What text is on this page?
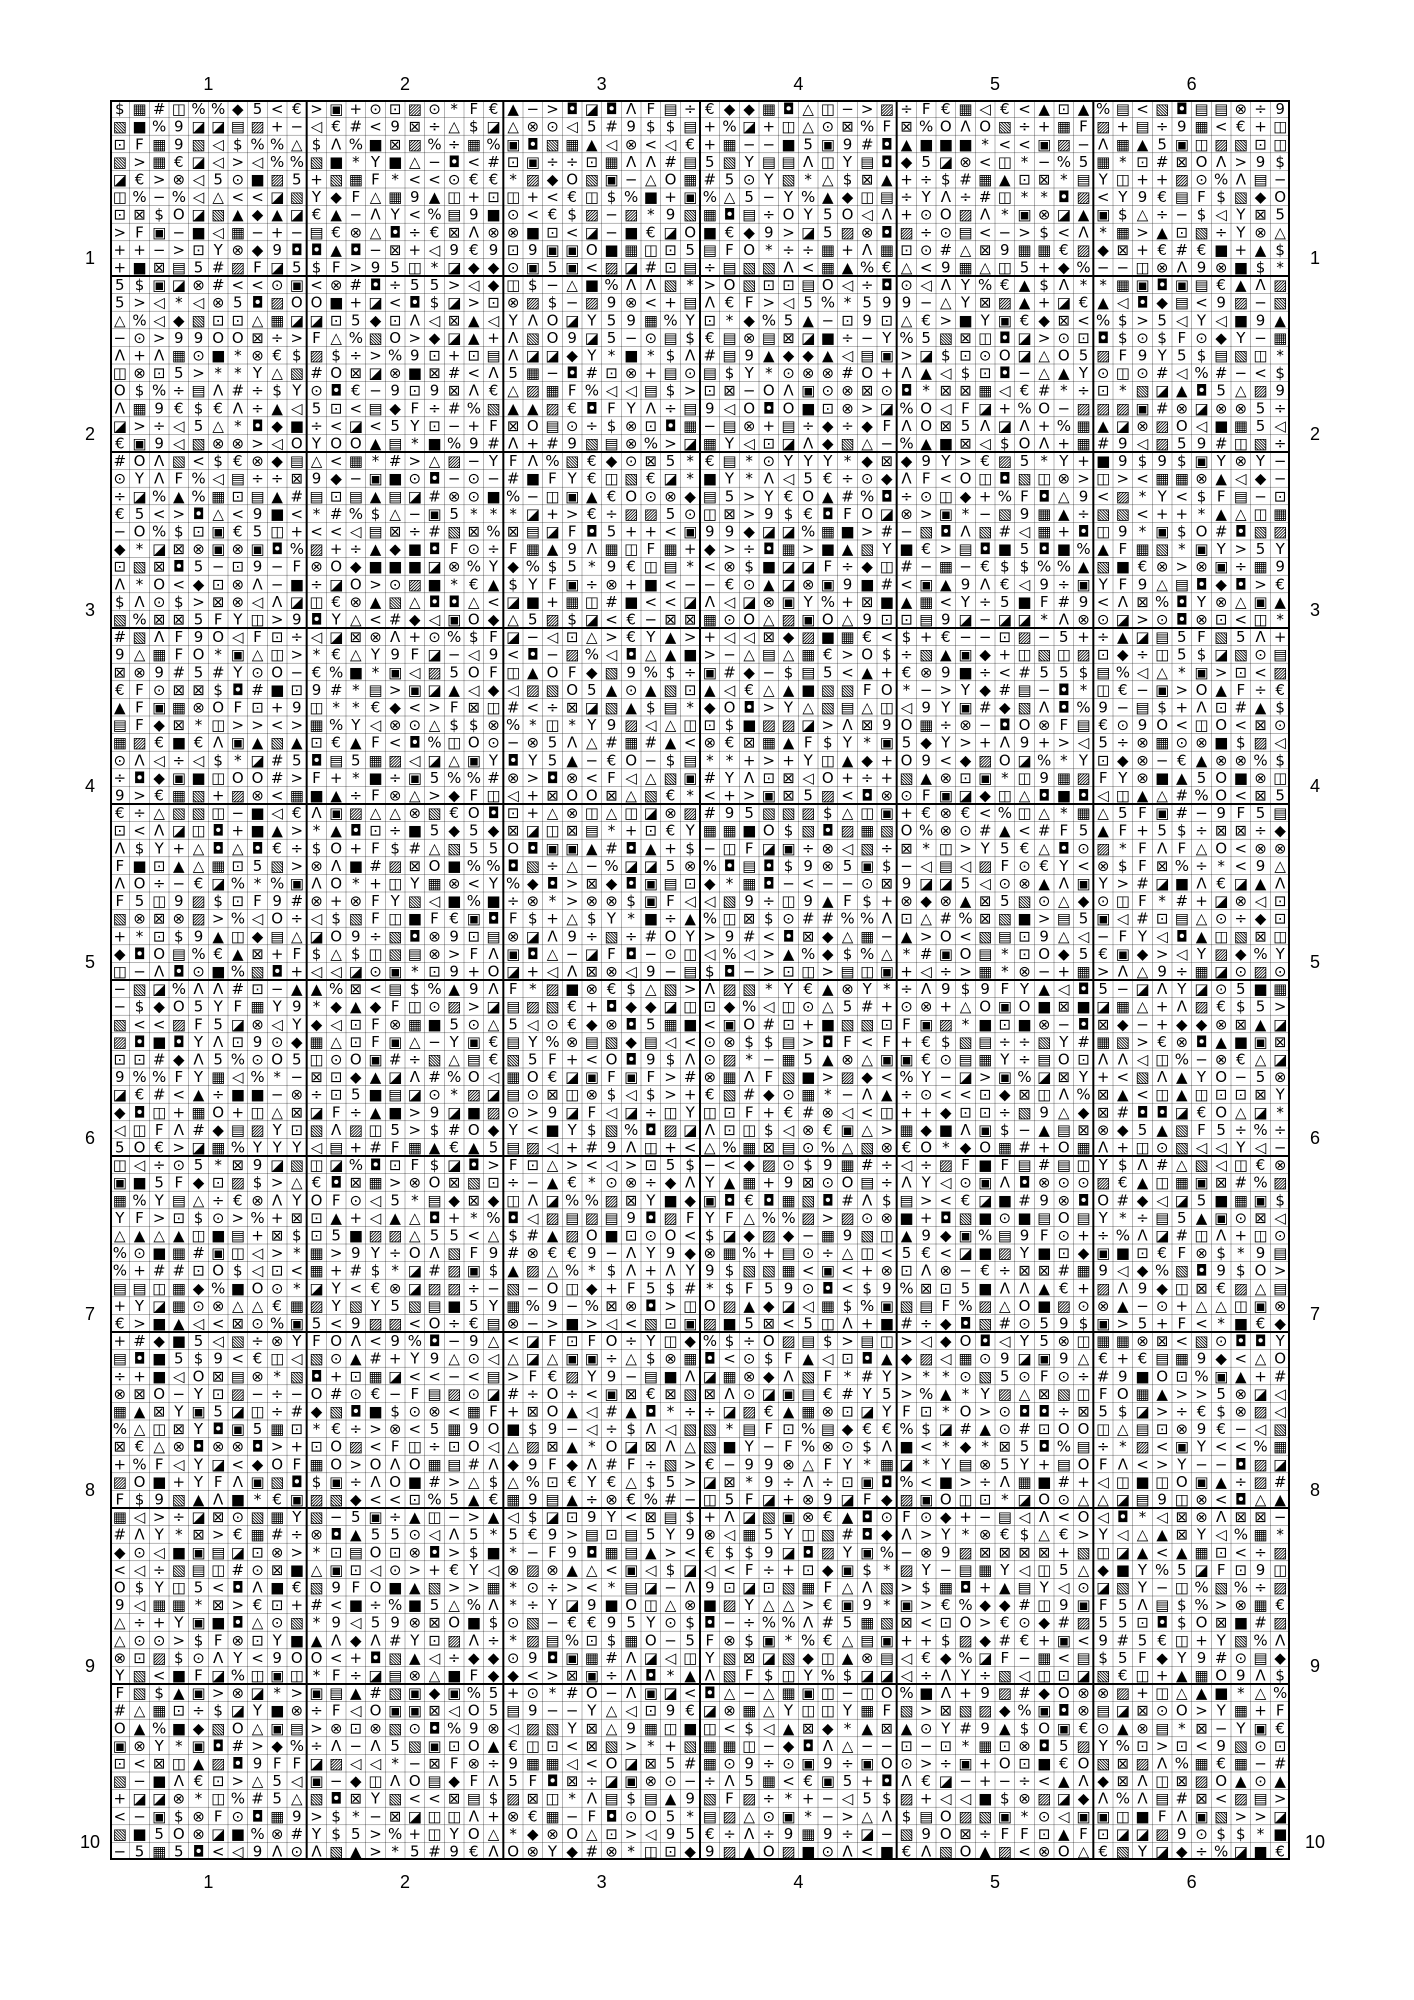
$ ▦ # ◫ % % ◆ 5 < € > ▣ + ⊙ ⊡ ▨ ⊙ * F € ▲ − > ◘ ◪ ◘ Λ F ▤ ÷ € ◆ ◆ ▦ ◘ △ ◫ − > ▨ ÷ F € ▦ ◁ € < ▲ ⊡ ▲ % ▤ < ▧ ◘ ▤ ▤ ⊗ ÷ 9
▧ ■ % 9 ◪ ◪ ▤ ▨ + − ◁ € # < 9 ⊠ ÷ △ $ ◪ △ ⊗ ⊙ ◁ 5 # 9 $ $ ▤ + % ◪ + ◫ △ ⊙ ⊠ % F ⊠ % O Λ O ▧ ÷ + ▦ F ▨ + ▤ ÷ 9 ▦ < € + ◫
⊡ F ▦ 9 ▧ ◁ $ % % △ $ Λ % ■ ⊠ ▨ % ÷ ▦ % ▣ ◘ ▧ ▦ ▲ ◁ ⊗ < ◁ € + ▦ − − ■ 5 ▣ 9 # ◘ ▲ ■ ■ ■ * < < ▣ ▨ − Λ ▦ ▲ 5 ▣ ◫ ▨ ▧ ⊡ ◫
▧ > ▦ € ◪ ◁ > ◁ % % ▧ ■ * Y ■ △ − ◘ < # ⊡ ▣ ÷ ÷ ⊡ ▦ Λ Λ # ▤ 5 ▧ Y ▤ ▤ Λ ◫ Y ▤ ◘ ◆ 5 ◪ ⊗ < ◫ * − % 5 ▦ * ⊡ # ⊠ O Λ > 9 $
◪ € > ⊗ ◁ 5 ⊙ ■ ▨ 5 + ▧ ▦ F * < < ⊙ € € * ▨ ◆ O ▧ ▣ − △ O ▦ # 5 ⊙ Y ▧ * △ $ ⊠ ▲ + ÷ $ # ▦ ▲ ⊡ ⊠ * ▤ Y ◫ + + ▨ ⊙ % Λ ▤ −
◫ % − % ◁ △ < < ◪ ▧ Y ◆ F △ ▦ 9 ▲ ◫ + ⊡ ◫ + < € ◫ $ % ■ + ▣ % △ 5 − Y % ▲ ◆ ◫ ▤ ÷ Y Λ ÷ # ◫ * * ◘ ▨ < Y 9 € ▤ F $ ▧ ◆ O
⊡ ⊠ $ O ◪ ▧ ▲ ◆ ▲ ◪ € ▲ − Λ Y < % ▤ 9 ■ ⊙ < € $ ▨ − ▨ * 9 ▧ ▦ ◘ ▤ ÷ O Y 5 O ◁ Λ + ⊙ O ▨ Λ * ▣ ⊗ ◪ ▲ ▣ $ △ ÷ − $ ◁ Y ⊠ 5
> F ▣ − ■ ◁ ▦ − + − ▤ € ⊗ △ ◘ ÷ € ⊠ Λ ⊗ ⊗ ■ ⊡ < ◪ − ■ € ◪ O ■ € ◆ 9 > ◪ 5 ▨ ⊗ ◘ ▨ ÷ ⊙ ▤ < − > $ < Λ * ▦ > ▲ ⊡ ▧ ÷ Y ⊗ △
+ + − > ⊡ Y ⊗ ◆ 9 ◘ ◘ ▲ ◘ − ⊠ + ◁ 9 € 9 ⊡ 9 ▣ ▣ O ■ ▦ ◫ ⊡ 5 ▤ F O * ÷ ÷ ▦ + Λ ▦ ⊡ ⊙ # △ ⊠ 9 ▦ ▦ € ▨ ◆ ⊠ + € # € ■ + ▲ $
+ ■ ⊠ ▤ 5 # ▨ F ◪ 5 $ F > 9 5 ◫ * ◪ ◆ ◆ ⊙ ▣ 5 ▣ < ▨ ◪ # ⊡ ▤ ÷ ▤ ▧ ▧ Λ < ▦ ▲ % € △ < 9 ▦ △ ◫ 5 + ◆ % − − ◫ ⊗ Λ 9 ⊗ ■ $ *
5 $ ▣ ◪ ⊗ # < < ⊙ ▣ < ⊗ # ◘ ÷ 5 5 > ◁ ◆ ◫ $ − △ ■ % Λ Λ ▧ * > O ▧ ⊡ ⊡ ▤ O ◁ ÷ ◘ ⊙ ◁ Λ Y % € ▲ $ Λ * * ▦ ▣ ◘ ▣ ▤ € ▲ Λ ▨
5 > ◁ * ◁ ⊗ 5 ◘ ▨ O O ■ + ◪ < ◘ $ ◪ > ⊡ ⊗ ▨ $ − ▨ 9 ⊗ < + ▤ Λ € F > ◁ 5 % * 5 9 9 − △ Y ⊠ ▨ ▲ + ◪ € ▲ ◁ ◘ ◆ ▤ < 9 ▨ − ▧
△ % ◁ ◆ ▧ ⊡ ⊡ △ ▦ ◪ ◪ ⊡ 5 ◆ ⊡ Λ ◁ ⊠ ▲ ◁ Y Λ O ◪ Y 5 9 ▦ % Y ⊡ * ◆ % 5 ▲ − ⊡ 9 ⊡ △ € > ■ Y ▣ € ◆ ⊠ < % $ > 5 ◁ Y ◁ ■ 9 ▲
− ⊙ > 9 9 O O ⊠ ÷ > F △ % ▧ O > ◆ ◪ ▲ + Λ ▧ O 9 ◪ 5 − ⊙ ▤ $ € ▤ ⊗ ▤ ⊠ ◪ ■ ÷ − Y % 5 ▧ ⊠ ◫ ◘ ◪ > ⊙ ⊡ ◘ $ ⊙ $ F ⊙ ◆ Y − ▦
Λ + Λ ▦ ⊙ ■ * ⊗ € $ ▨ $ ÷ > % 9 ⊡ + ⊡ ▤ Λ ◪ ◪ ◆ Y * ■ * $ Λ # ▤ 9 ▲ ◆ ◆ ▲ ◁ ▤ ▣ > ◪ $ ⊡ ⊙ O ◪ △ O 5 ▨ F 9 Y 5 $ ▤ ▧ ◫ *
◫ ⊗ ⊡ 5 > * * Y △ ▧ # O ⊠ ◪ ⊗ ■ ⊠ # < Λ 5 ▦ − ◘ # ⊡ ⊗ + ▤ ⊙ ▤ $ Y * ⊙ ⊗ ⊗ # O + Λ ▲ ◁ $ ⊡ ◘ − △ ▲ Y ⊙ ◫ ⊙ # ◁ % # − < $
O $ % ÷ ▤ Λ # ÷ $ Y ⊙ ◘ € − 9 ⊡ 9 ⊠ Λ € △ ▨ ▦ F % ◁ ◁ ▤ $ > ⊡ ⊠ − O Λ ▣ ⊙ ⊗ ⊠ ⊙ ◘ * ⊠ ⊠ ▦ ◁ € # * ÷ ⊡ * ▧ ◪ ▲ ◘ 5 △ ▨ 9
Λ ▦ 9 € $ € Λ ÷ ▲ ◁ 5 ⊡ < ▤ ◆ F ÷ # % ▧ ▲ ▲ ▨ € ◘ F Y Λ ÷ ▤ 9 ◁ O ◘ O ■ ⊡ ⊗ > ◪ % O ◁ F ◪ + % O − ▨ ▨ ▨ ▣ # ⊗ ◪ ⊗ ⊗ 5 ÷
◪ > ÷ ◁ 5 △ * ◘ ◆ ■ ÷ < ◪ < 5 Y ⊡ − + F ⊠ O ▤ ⊙ ÷ $ ⊗ ⊡ ◘ ▦ − ▤ ⊗ + ▤ ÷ ◆ ÷ ◆ F Λ O ⊠ 5 Λ ◪ Λ + % ▦ ▲ ◪ ⊗ ▨ O ◁ ■ ▦ 5 ◁
€ ▣ 9 ◁ ▧ ⊗ ⊗ > ◁ O Y O O ▲ ▤ * ■ % 9 # Λ + # 9 ▧ ▤ ⊗ % > ◪ ▦ Y ◁ ⊡ ◪ Λ ◆ ▧ △ − % ▲ ■ ⊠ ◁ $ O Λ + ▦ # 9 ◁ ▨ 5 9 # ◫ ▧ ÷
# O Λ ▧ < $ € ⊗ ◆ ▤ △ < ▦ * # > △ ▨ − Y F Λ % ▧ € ◆ ⊙ ⊠ 5 * € ▤ * ⊙ Y Y Y * ◆ ⊠ ◆ 9 Y > € ▨ 5 * Y + ■ 9 $ 9 $ ▣ Y ⊗ Y −
⊙ Y Λ F % ◁ ▤ ÷ ÷ ⊠ 9 ◆ − ▣ ■ ⊙ ◘ − ⊙ − # ■ F Y € ◫ ▧ € ◪ * ■ Y * Λ ◁ 5 € ÷ ⊙ ◆ Λ F < O ◫ ◘ ▧ ◫ ⊗ > ◫ > < ▦ ▦ ⊗ ▲ ◁ ◆ −
÷ ◪ % ▲ % ▦ ⊡ ▤ ▲ # ▤ ⊡ ▤ ▲ ▤ ◪ # ⊗ ⊙ ■ % − ◫ ▣ ▲ € O ⊙ ⊗ ◆ ▤ 5 > Y € O ▲ # % ◘ ÷ ⊙ ◫ ◆ + % F ◘ △ 9 < ▨ * Y < $ F ▤ − ⊡
€ 5 < > ◘ △ < 9 ■ < * # % $ △ − ▣ 5 * * * ◪ + > € ÷ ▨ ▨ 5 ⊙ ◫ ⊠ > 9 $ € ◘ F O ◪ ⊗ > ▣ * − ▧ 9 ▦ ▲ ÷ ▧ ▧ < + + * ▲ △ ◫ ▦
− O % $ ⊡ ▣ € 5 ◫ + < < ◁ ▤ ⊠ ÷ # ▧ ⊠ % ⊠ ▤ ◪ F ◘ 5 + + < ▣ 9 9 ◆ ◪ ◪ % ▦ ■ > # − ▧ ◘ Λ ▧ # ◁ ▦ + ◘ ◫ 9 * ▣ $ O # ◘ ▧ ▨
◆ * ◪ ⊠ ⊗ ▣ ⊗ ▣ ◘ % ▨ + ÷ ▲ ◆ ■ ◘ F ⊙ ÷ F ▦ ▲ 9 Λ ▦ ◫ F ▦ + ◆ > ÷ ◘ ▦ > ■ ▲ ▧ Y ■ € > ▤ ◘ ■ 5 ◘ ■ % ▲ F ▦ ▧ * ▣ Y > 5 Y
⊡ ▧ ⊠ ◘ 5 − ⊡ 9 − F ⊗ O ◆ ■ ■ ■ ◪ ⊗ % Y ◆ % $ 5 * 9 € ◫ ▤ * < ⊗ $ ■ ◪ ◪ F ÷ ◆ ◫ # − ▦ − € $ $ % % ▲ ▧ ■ € ⊗ > ⊗ ▣ ÷ ▦ 9
Λ * O < ◆ ⊡ ⊗ Λ − ■ ÷ ◪ O > ⊙ ▨ ■ * € ▲ $ Y F ▣ ÷ ⊗ + ■ < − − € ⊙ ▲ ◪ ⊗ ▣ 9 ■ # < ▣ ▲ 9 Λ € ◁ 9 ÷ ▣ Y F 9 △ ▤ ◘ ◆ ◘ > €
$ Λ ⊙ $ > ⊠ ⊗ ◁ Λ ◪ ◫ € ⊗ ▲ ▧ △ ◘ ◘ △ < ◪ ■ + ▦ ◫ # ■ < < ◪ Λ ◁ ◪ ⊗ ▣ Y % + ⊠ ■ ▲ ▦ < Y ÷ 5 ■ F # 9 < Λ ⊠ % ◘ Y ⊗ △ ▣ ▲
▧ % ⊠ ⊠ 5 F Y ◫ > 9 ◘ Y △ < # ◆ ◁ ▣ O ◆ △ 5 ▨ $ ◪ < € − ⊠ ⊠ ▦ ⊙ O △ ▨ ▣ O △ 9 ⊡ ⊡ ▤ 9 ◪ − ◪ ◪ * Λ ⊗ ⊙ ◪ > ⊙ ◘ ⊗ ⊡ < ◫ *
# ▧ Λ F 9 O ◁ F ⊡ ÷ ◁ ◪ ⊠ ⊗ Λ + ⊙ % $ F ◪ − ◁ ⊡ △ > € Y ▲ > + ◁ ◁ ⊠ ◆ ▨ ■ ▦ € < $ + € − − ⊡ ▨ − 5 + ÷ ▲ ◪ ▤ 5 F ▧ 5 Λ +
9 △ ▦ F O * ▣ △ ◫ > * € △ Y 9 F ◪ − ◁ 9 < ◘ − ▨ % ◁ ◘ △ ▲ ■ > − △ ▤ △ ▦ € > O $ ÷ ▧ ▲ ▣ ◆ + ◫ ▧ ◫ ▨ ⊡ ◆ ÷ ◫ 5 $ ◪ ▧ ⊙ ▤
⊠ ⊗ 9 # 5 # Y ⊙ O − € % ■ * ▣ ◁ ▨ 5 O F ◫ ▲ O F ◆ ▧ 9 % $ ÷ ▣ # ◆ − $ ▤ 5 < ▲ + € ⊗ 9 ■ ÷ < # 5 5 $ ▤ % ◁ △ * ▣ > ⊡ < ▨
€ F ⊙ ⊠ ⊠ $ ◘ # ■ ⊡ 9 # * ▤ > ▣ ◪ ▲ ◁ ◆ ◁ ▨ ▧ O 5 ▲ ⊙ ▲ ▧ ⊡ ▲ ◁ € △ ▲ ■ ▧ ▧ F O * − > Y ◆ # ▤ − ◘ * ◫ € − ▣ > O ▲ F ÷ €
▲ F ▣ ▦ ⊗ O F ⊡ + 9 ◫ * * € ◆ < > F ⊠ ◫ # < ÷ ⊠ ◪ ▧ ▲ $ ▤ * ◆ O ◘ > Y △ ▧ ▤ △ ◫ ◁ 9 Y ▣ # ◆ ▧ Λ ◘ % 9 − ▤ $ + Λ ⊡ # ▲ $
▤ F ◆ ⊠ * ◫ > > < > ▦ % Y ◁ ⊗ ⊙ △ $ $ ⊗ % * ◫ * Y 9 ▨ ◁ △ ◫ ⊡ $ ■ ▨ ▨ ◪ > Λ ⊠ 9 O ▦ ÷ ⊗ − ◘ O ⊗ F ▤ € ⊙ 9 O < ◫ O < ⊠ ⊙
▦ ▨ € ■ € Λ ▣ ▲ ▧ ▲ ⊡ € ▲ F < ◘ % ◫ O ⊙ − ⊗ 5 Λ △ # ▦ # ▲ < ⊗ € ⊠ ▦ ▲ F $ Y * ▣ 5 ◆ Y > + Λ 9 + > ◁ 5 ÷ ⊗ ▦ ⊙ ⊗ ■ $ ▨ ◁
⊙ Λ ◁ ÷ ◁ $ * ◪ # 5 ◘ ▤ 5 ▦ ▨ ◁ ◪ △ ▣ Y ◘ Y 5 ▲ − € O − $ ▤ * * + > + Y ◫ ▲ ◆ + O 9 < ◆ ▨ O ◪ % * Y ⊡ ◆ ⊗ − € ▲ ⊗ ⊗ % $
÷ ◘ ◆ ▣ ■ ◫ O O # > F + * ■ ÷ ▣ 5 % % # ⊗ > ◘ ⊗ < F ◁ △ ▧ ▣ # Y Λ ⊡ ⊠ ◁ O + ÷ + ▧ ▲ ⊗ ⊡ ▣ * ◫ 9 ▦ ▨ F Y ⊗ ■ ▲ 5 O ■ ⊗ ◫
9 > € ▦ ▧ + ▨ ⊗ < ▦ ■ ▲ ÷ F ⊗ △ > ◆ F ◫ ◁ + ⊠ O O ⊠ △ ▧ € * < + > ▣ ⊠ 5 ▨ < ◘ ⊗ ⊙ F ▣ ◪ ◆ ◫ △ ◘ ■ ◘ ◁ ◫ ▲ △ # % O < ⊠ 5
€ ÷ △ ▧ ▧ ◫ − ■ ◁ € Λ ▣ ▨ △ △ ⊗ ▧ € O ◘ ⊡ + △ ⊗ ◫ △ ◫ ◪ ⊗ ▨ # 9 5 ▧ ▧ ▨ $ △ ◫ ▣ + € ⊗ € < % ◫ △ * ▦ △ 5 F ▣ # − 9 F 5 ▤
⊡ < Λ ◪ ◫ ◘ + ■ ▲ > * ▲ ◘ ⊡ ÷ ■ 5 ◆ 5 ◆ ⊠ ◪ ◫ ⊠ ▤ * + ⊡ € Y ▦ ▦ ■ O $ ▧ ◘ ▨ ▦ ▧ O % ⊗ ⊙ # ▲ < # F 5 ▲ F + 5 $ ÷ ⊠ ⊠ ÷ ◆
Λ $ Y + △ ◘ △ ◘ € ÷ $ O + F $ # △ ▧ 5 5 O ◘ ▣ ▣ ▲ # ◘ ▲ + $ − ◫ F ◪ ▣ ÷ ⊗ ◁ ▧ ÷ ⊠ * ◫ > Y 5 € △ ◘ ⊙ ▨ * F Λ F △ O < ⊗ ⊗
F ■ ⊡ ▲ △ ▦ ⊡ 5 ▧ > ⊗ Λ ■ # ▨ ⊠ O ■ % % ◘ ▧ ÷ △ − % ◪ ◪ 5 ⊗ % ◘ ▤ ◘ $ 9 ⊗ 5 ▣ $ − ◁ ▤ ◁ ▨ F ⊙ € Y < ⊗ $ F ⊠ % ÷ * < 9 △
Λ O ÷ − € ◪ % * % ▣ Λ O * + ◫ Y ▦ ⊗ < Y % ◆ ◘ > ⊠ ◆ ◘ ▣ ▤ ⊡ ◆ * ▦ ◘ − < − − ⊙ ⊠ 9 ◪ ◪ 5 ◁ ⊙ ⊗ ▲ Λ ▣ Y > # ◪ ■ Λ € ◪ ▲ Λ
F 5 ◫ 9 ▨ $ ⊡ F 9 # ⊗ + ⊗ F Y ▧ ◁ ■ % ■ ÷ ⊗ * > ⊗ ⊗ $ ▣ F ◁ ◁ ▧ 9 ÷ ◫ 9 ▲ F $ + ⊗ ◆ ⊗ ▲ ⊠ 5 ▧ ⊙ △ ◆ ⊙ ◫ F * # + ◪ ⊗ ◁ ⊡
▧ ⊗ ⊠ ⊗ ▨ > % ◁ O ÷ ◁ $ ▧ F ◫ ■ F € ▣ ◘ F $ + △ $ Y * ■ ÷ ▲ % ◫ ⊠ $ ⊙ # # % % Λ ⊡ △ # % ⊠ ▧ ■ > ▤ 5 ▣ ◁ # ⊡ ▤ △ ⊙ ÷ ◆ ⊡
+ * ⊡ $ 9 ▲ ◫ ◆ ▤ △ ◪ O 9 ÷ ▧ ◘ ⊗ 9 ⊡ ▤ ⊗ ◪ Λ 9 ÷ ▧ ÷ # O Y > 9 # < ◘ ⊠ ◆ △ ▦ − ▲ > O < ▧ ▤ ⊡ 9 △ ◁ − F Y ◁ ◘ ▲ ◫ ▧ ⊠ ◫
◆ ◘ O ▤ % € ▲ ⊠ + F $ △ $ ◫ ▧ ▤ ⊗ > F Λ ▣ ◘ △ − ◪ F ◘ − ⊙ ◫ ◁ % ◁ > ▲ % ◆ $ % △ * # ▣ O ▤ * ⊡ O ◆ 5 € ▣ ◆ > ◁ Y ▨ ◆ % Y
◫ − Λ ◘ ⊙ ■ % ▧ ◘ + ◁ ◁ ◪ ⊙ ▣ * ⊡ 9 + O ◪ + ◁ Λ ⊠ ⊗ ◁ 9 − ▤ $ ◘ − > ⊡ ◫ > ▤ ◫ ▣ + ◁ ÷ > ▦ * ⊗ − + ▦ > Λ △ 9 ÷ ▦ ◪ ⊙ ▨ ⊙
− ▧ ◪ % Λ Λ # ⊡ − ▲ ▲ % ⊠ < ▤ $ % ▲ 9 Λ F * ▨ ■ ⊗ € $ △ ▧ > Λ ▨ ▧ * Y € ▲ ⊗ Y * ÷ Λ 9 $ 9 F Y ▲ ◁ ◘ 5 − ◪ Λ Y ◪ ⊙ 5 ■ ▦
− $ ◆ O 5 Y F ▦ Y 9 * ◆ ▲ ◆ F ◫ ⊙ ▨ > ◪ ▤ ▨ ▧ € + ◘ ◆ ◆ ◪ ◫ ⊡ ◆ % ◁ ◫ ⊙ △ 5 # + ⊙ ⊗ + △ O ▣ O ■ ⊠ ■ ◪ ▦ △ + Λ ▨ € $ 5 >
▧ < < ▨ F 5 ◪ ⊗ ◁ Y ◆ ◁ ⊡ F ⊗ ▦ ■ 5 ⊙ △ 5 ◁ ⊙ € ◆ ⊗ ◘ 5 ▦ ■ < ▣ O # ⊡ + ■ ▧ ▧ ⊡ F ▣ ▨ * ■ ⊡ ■ ⊗ − ◘ ⊠ ◆ − + ◆ ◆ ⊗ ⊠ ▲ ◪
▨ ◘ ■ ◘ Y Λ ⊡ 9 ⊙ ◆ ▦ △ ⊡ F ▣ △ − Y ▣ € ▤ Y % ⊗ ▤ ▧ ◆ ▤ ◁ < ⊙ ⊗ $ $ ▤ > ◘ F < F + € $ ▧ ▤ ÷ ÷ ▧ Y # ▦ ▧ > € ⊗ ◘ ▲ ■ ▣ ⊠
⊡ ⊡ # ◆ Λ 5 % ⊙ O 5 ◫ ⊙ O ▣ # ÷ ▧ △ ▤ € ▧ 5 F + < O ◘ 9 $ Λ ⊙ ▨ * − ▦ 5 ▲ ⊗ △ ▣ ▣ € ⊙ ▤ ▦ Y ÷ ▤ O ⊡ Λ Λ ◁ ◫ % − ⊗ € △ ◪
9 % % F Y ▦ ◁ % * − ⊠ ⊡ ◆ ▲ ◪ Λ # % O ◁ ▦ O € ◪ ▣ F ▣ F > # ⊗ ▦ Λ F ▧ ■ > ▨ ◆ < % Y − ◪ > ▣ % ◪ ⊠ Y + < ▧ Λ ▲ Y O − 5 ⊗
◪ € # < ▲ ÷ ■ ■ − ⊗ ÷ ⊡ 5 ■ ▤ ◪ ⊙ * ▨ ◪ ▤ ⊙ ⊠ ◫ ⊗ $ ◁ $ > + € ▧ # ◆ ⊙ ▦ * − Λ ▲ ÷ ⊙ < < ⊡ ◆ ⊠ ◫ Λ % ⊠ ▲ < ◫ ▲ ◫ ⊡ ⊡ ⊠ Y
◆ ◘ ◫ + ▦ O + ◫ △ ⊠ ◪ F ÷ ▲ ■ > 9 ◪ ■ ▨ ⊙ > 9 ◪ F ◁ ◪ ÷ ◫ Y ◫ ⊡ F + € # ⊗ ◁ < ◫ + + ◆ ⊡ ⊡ ÷ ▧ 9 △ ◆ ⊠ # ◘ ◘ ◪ € O △ ◪ *
◁ ◫ F Λ # ◆ ▤ ▨ Y ⊡ ▧ Λ ▨ ◫ 5 > $ # O ◆ Y < ■ Y $ ▧ % ◘ ▨ ◪ Λ ⊡ ◫ $ ◁ ⊗ € ▣ △ > ▦ ◆ ■ Λ ▣ $ − ▲ ▤ ⊠ ⊗ ◆ 5 ▲ ▧ F 5 ÷ % ÷
5 O € > ◪ ▦ % Y Y Y ◁ ▤ + # F ▦ ▲ € ▲ 5 ▤ ▨ ◁ + # 9 Λ ◫ + < △ % ▦ ⊠ ▤ ⊙ % △ ▧ ⊗ € O * ◆ O ▦ # + O ▦ Λ + ◫ ⊙ ▧ ◁ ◁ Y ◁ −
◫ ◁ ÷ ⊙ 5 * ⊠ 9 ◪ ▧ ◫ ◪ % ◘ ⊡ F $ ◪ ◘ > F ⊡ △ > < ◁ > ⊡ 5 $ − < ◆ ▨ ⊙ $ 9 ▦ # ÷ ◁ ÷ ▨ F ■ F ▤ # ▤ ◫ Y $ Λ # △ ▧ ◁ ◫ € ⊗
▣ ■ 5 F ◆ ⊡ ▨ $ > △ € ◘ ⊠ ▦ > ⊗ O ⊠ ▧ ⊡ ÷ − ▲ € * ⊙ ⊗ ÷ ◆ Λ Y ▲ ▦ + 9 ⊠ ⊙ O ▤ ÷ Λ Y ◁ ⊙ ▣ Λ ◘ ⊗ ⊙ ⊙ ▨ € ▲ ◫ ▦ ▣ ⊠ # % ▨
▦ % Y ▤ △ ÷ € ⊗ Λ Y O F ⊙ ◁ 5 * ▤ ◆ ⊠ ◆ ◫ Λ ◪ % % ▨ ⊠ Y ■ ◆ ▣ ◘ € ◘ ▦ ▧ ◘ # Λ $ ▤ > < € ◪ ■ # 9 ⊗ ◘ O # ◆ ◁ ◪ 5 ■ ▦ ▣ $
Y F > ⊡ $ ⊙ > % + ⊠ ⊡ ▲ + ◁ ▲ △ ◘ + * % ◘ ◁ ▨ ▤ ▨ ▤ 9 ◘ ▨ F Y F △ % % ▨ > ▨ ⊙ ⊗ ■ + ◘ ▧ ■ ⊙ ■ ▤ O ▤ Y * ÷ ▤ 5 ▲ ▣ ⊙ ⊠ ◁
△ ▲ △ ▲ ◫ ■ ▤ + ⊠ $ ⊡ 5 ■ ▨ ▨ △ 5 5 < △ $ # ▲ ▨ O ■ ⊡ ⊙ O < $ ◪ ◆ ▨ ◆ − ▦ 9 ▧ ◫ ▲ 9 ◆ ▣ % ▤ 9 F ⊙ + ÷ % Λ ◪ # ◫ Λ + ◫ ⊙
% ⊙ ■ ▦ # ▣ ◫ ◁ > * ▦ > 9 Y ÷ O Λ ▧ F 9 # ⊗ € € 9 − Λ Y 9 ◆ ⊗ ▦ % + ▤ ⊙ ÷ △ ◫ < 5 € < ◪ ■ ▨ Y ■ ⊡ ◆ ▣ ■ ⊡ € F ⊗ $ * 9 ▤
% + # # ⊡ O $ ◁ ⊡ < ▦ + # $ * ◪ # ▨ ▣ $ ▲ ▨ △ % * $ Λ + Λ Y 9 $ ▧ ▧ ▦ < ▣ < + ⊗ ⊡ Λ ⊗ − € ÷ ⊠ ⊠ # ▦ 9 ◁ ◆ % ▧ ◘ 9 $ O >
▤ ▤ ◫ ▦ ◆ % ■ O ⊙ * ◪ Y < € ⊗ ◪ ▨ ▨ ÷ − ▧ − O ◫ ◆ + F 5 $ # * $ F 5 9 ⊙ ◘ < $ 9 % ⊠ ⊡ 5 ■ Λ Λ ▲ € + ▨ Λ 9 ◆ ◫ ⊠ € ▨ △ ▤
+ Y ◪ ▦ ⊙ ⊗ △ △ € ▦ ▨ Y ▧ Y 5 ▧ ▤ ■ 5 Y ▦ % 9 − % ⊠ ⊗ ◘ > ◫ O ▨ ▲ ◆ ◪ ◁ ▦ $ % ▣ ▧ ▤ F % ▨ △ O ■ ▨ ⊙ ⊗ ▲ − ⊙ + △ △ ◫ ▣ ⊗
€ > ■ ▲ ◁ < ⊠ ⊙ % ▣ 5 < 9 ▨ ▨ < O ÷ € ▤ ⊗ − > ■ > ◁ < ▧ ⊡ ▣ ▨ ■ 5 ⊠ < 5 ◫ Λ + ■ # ÷ ◆ ◘ ▧ # ⊙ 5 9 $ ▣ > 5 + F < * ■ € ◆
+ # ◆ ■ 5 ◁ ▧ ÷ ⊗ Y F O Λ < 9 % ◘ − 9 △ < ◪ F ⊡ F O ÷ Y ◫ ◆ % $ ÷ O ▨ ▤ $ > ▤ ◫ > ◁ ◆ O ◘ ◁ Y 5 ⊗ ◫ ▦ ▦ ⊗ ⊠ < ▧ ⊙ ◘ ◘ Y
▤ ◘ ■ 5 $ 9 < € ◫ ◁ ▧ ⊙ ▲ # + Y 9 △ ⊙ ◁ △ ◪ △ ▣ ▣ ÷ △ $ ⊗ ▦ ◘ < ⊙ $ F ▲ ◁ ⊡ ◘ ▲ ◆ ▨ ◁ ▦ ⊙ 9 ◪ ▣ 9 △ € + € ▤ ▦ 9 ◆ < △ O
÷ + ■ ◁ O ⊠ ▤ ⊗ * ▧ ◘ + ⊡ ▦ ◪ < < − < ▤ > F € ▨ Y 9 − ▤ ■ Λ ◪ ▦ ⊗ ◆ Λ ▧ F * # Y > * * ⊙ ▧ 5 ⊙ F ⊙ ÷ # 9 ■ O ⊡ % ▣ ▲ + #
⊗ ⊠ O − Y ⊡ ▨ − ÷ − O # ⊙ € − F ▤ ▨ ⊙ ◪ # ÷ O ÷ < ▣ ⊠ € ⊠ ▧ ⊠ Λ ⊙ ◪ ▣ ▤ € # Y 5 > % ▲ * Y ▨ △ ⊠ ▧ ◫ F O ▦ ▲ > > 5 ⊗ ◪ ◁
▦ ▲ ⊠ Y ▣ 5 ◪ ◫ ÷ # ◆ ▧ ◘ ■ $ ⊙ ⊗ < ▦ F + ⊠ O ▲ ◁ # ▲ ◘ * ÷ ÷ ◪ ▨ € ▲ ▦ ⊗ ⊡ ◪ Y F ⊡ * O > ⊙ ◘ ◘ ÷ ⊠ 5 $ ◪ > ÷ € $ ⊗ ▨ ◁
% △ ◫ ⊠ Y ◘ ▣ 5 ▦ ⊡ * € ÷ > ⊗ < 5 ▦ 9 O ■ $ 9 − ◁ ÷ $ Λ ◁ ▧ ▧ * ▤ F ⊡ % ▤ ◆ € € % $ ◪ # ▲ ⊙ # ⊡ O O ◫ △ ▤ ⊡ ⊗ 9 € − ◁ ▧
⊠ € △ ⊗ ◘ ⊗ ⊗ ◘ > + ⊡ O ▨ < F ◫ ÷ ⊡ O ◁ △ ▨ ⊠ ▲ * O ◪ ⊠ Λ △ ▧ ■ Y − F % ⊗ ⊙ $ Λ ■ < * ◆ * ⊠ 5 ◘ % ▤ ÷ * ▨ < ▣ Y < < % ▦
+ % F ◁ Y ◪ < ◆ O F ▦ O > O Λ O ▦ ▤ # Λ ◆ 9 F ◆ Λ # F ÷ ▧ > € − 9 9 ⊗ △ F Y * ▦ ◪ * Y ▤ ⊗ 5 Y + ▤ O F Λ < > Y − − ◘ ▨ ◪
▨ O ■ + Y F Λ ▣ ▧ ◘ $ ▣ ÷ Λ O ■ # > △ $ △ % ⊡ € Y € △ $ 5 > ◪ ⊠ * 9 ÷ Λ ÷ ⊡ ▣ ◘ % < ■ > ÷ Λ ▦ ■ # + ◁ ◫ ■ ◫ O ▣ ▲ ÷ ▨ #
F $ 9 ▧ ▲ Λ ■ * € ▣ ▨ ▧ ◆ < < ⊡ % 5 ▲ € ▦ 9 ▤ ▲ ÷ ⊗ € % # − ◫ 5 F ◪ + ⊗ 9 ◪ F ◆ ▨ ▣ O ◫ ⊡ * ◪ O ⊙ △ △ ◪ ▤ 9 ◫ ⊗ < ◘ △ ▲
▦ ◁ > ÷ ◪ ⊠ ⊙ ▧ ▦ Y ▧ − 5 ▣ ÷ ▲ ◫ − > ▲ ◁ $ ◪ ⊡ 9 Y < ⊠ ▤ $ + Λ ◪ ▧ ▣ ⊗ € ▲ ◘ ⊙ F ⊙ ◆ + − ▤ ◁ Λ < O ◁ ◘ * ◁ ⊠ ⊗ Λ ⊠ ⊠ −
# Λ Y * ⊠ > € ▦ # ÷ ⊗ ◘ ▲ 5 5 ⊙ ◁ Λ 5 * 5 € 9 > ▤ ⊡ ▤ 5 Y 9 ⊗ ◁ ▦ 5 Y ◫ ▧ # ◘ ◆ Λ > Y * ⊗ € $ △ € > Y ◁ △ ▲ ⊠ Y ◁ % ▦ *
◆ ⊙ ◁ ■ ▣ ▤ ◪ ⊡ ⊗ > * ⊡ ▤ O ⊡ ⊗ ◘ > $ ■ * − F 9 ◘ ▦ ▤ ▲ > < € $ $ 9 ◪ ◘ ▨ Y ▣ % − ⊗ 9 ▨ ⊠ ⊠ ⊠ ⊠ + ▧ ◫ ◪ ▲ < ▲ ▦ ⊡ < ÷ ▨
< ◁ ÷ ▧ ▤ ◫ # ⊙ ⊠ ■ △ ▣ ⊡ ◁ ⊙ > + € Y ◁ ⊗ ▨ ⊗ ▲ △ < ▣ ◁ $ ◪ ◁ < F ÷ + ⊡ ◆ ▣ $ * ▨ Y − ▤ ▦ Y ◁ ◫ 5 △ ◆ ■ Y % 5 ◪ F ⊡ 9 ◫
O $ Y ◫ 5 < ◘ Λ ■ € ▧ 9 F O ■ ▲ ▧ > > ▦ * ⊙ ÷ > < * ▤ ◪ − Λ 9 ⊡ ◪ ⊡ ▧ ▦ F △ Λ ▧ > $ ▦ ◘ + ▲ ▤ Y ◁ ⊙ ◪ ▧ Y − ◫ % ▧ % ÷ ▨
9 ◁ ▦ ▦ * ⊠ > € ⊡ + # < ■ ÷ % ■ 5 △ % Λ * ÷ Y ◪ 9 ■ O ◫ △ ⊗ ■ ▨ Y △ △ > € ▣ 9 * ▣ > € % ◆ ◆ # ◫ 9 ▣ F 5 Λ ▤ $ % > ⊗ ▦ €
△ ÷ + Y ▣ ■ ◘ △ ⊙ ▧ * 9 ◁ 5 9 ⊗ ⊠ O ■ $ ⊙ ▧ − € € 9 5 Y ⊙ $ ◘ − ÷ % % Λ # 5 ▦ ▧ ⊠ < ⊡ O > € ⊙ ◆ # ▨ 5 5 ⊡ ◘ $ O ⊠ ■ # ▨
△ ⊙ ⊙ > $ F ⊗ ⊡ Y ■ ▲ Λ ◆ Λ # Y ⊡ ▨ Λ ÷ * ▨ ▤ % ⊡ $ ▦ O − 5 F ⊗ $ ▣ * % € △ ▤ ▣ + + $ ▨ ◆ # € + ▣ < 9 # 5 € ◫ + Y ▧ % Λ
⊗ ⊡ ▨ $ ⊙ Λ Y < 9 O O < + ◘ ▧ ▲ ◁ ÷ ◆ ◆ ⊙ 9 ◘ ▣ ▦ # Λ ◪ ◁ ◫ Y ▧ ⊠ ◪ ▧ ◆ ◫ ▲ ⊗ ▤ ◁ € ◆ % ◪ F − ▦ < ▤ $ 5 F ◆ Y 9 # ⊙ ▤ ◆
Y ▧ < ■ F ◪ % ◫ ▣ ◫ * F ÷ ◪ ▤ ⊗ △ ■ F ◆ ◆ < > ⊠ ▣ ÷ Λ ◘ * ▲ Λ ▧ F $ ◫ Y % $ ◪ ◪ ◁ ÷ Λ Y ÷ ▧ ◁ ◫ ⊡ ◪ ▧ € ◫ + ▲ ▦ O 9 Λ $
F ▧ $ ▲ ▣ > ⊗ ◪ * > ▣ ▤ ▲ # ▧ ▣ ◆ ▣ % 5 + ⊙ * # O − Λ ▣ ◪ < ◘ △ − △ ▦ ▣ ◫ − ◫ O % ■ Λ + 9 ▨ # ◆ O ⊗ ⊗ ▨ + ◫ △ ▲ ■ * △ %
# △ ▦ ⊡ ÷ $ ◪ Y ■ ⊗ ÷ F ◁ O ▣ ▣ ⊠ ◁ O 5 ▤ 9 − − Y △ ◁ ⊡ 9 € ◪ ⊗ ▦ △ Y ◫ ◫ Y ▦ F ▧ > ⊠ ▧ ▨ ◆ % ▣ ◘ ⊗ ▤ ◪ ⊠ ⊙ O > Y ▦ + F
O ▲ % ■ ◆ ▧ O △ ▣ ▤ > ⊗ ⊡ ⊗ ▧ ⊙ ◘ % 9 ⊗ ◁ ▨ ▧ Y ⊠ △ 9 ▦ ◫ ■ ◫ < $ ◁ ▲ ⊠ ◆ * ▲ ⊠ ▲ ⊙ Y # 9 ▲ $ O ▣ € ⊙ ▲ ⊗ ▤ * ⊠ − Y ▣ €
▣ ⊗ Y * ▣ ◘ # > ◆ % ÷ Λ − Λ 5 ▧ ▣ ⊡ O ▲ € ◫ ⊡ < ⊠ ▧ > * + ▧ ▦ ▦ ◫ − ◆ ◘ Λ △ − − ⊡ − ⊡ * ▦ ⊡ ⊗ ◘ 5 ▨ Y % ⊡ > ⊡ < 9 ▧ ⊙ ⊡
⊡ < ⊠ ◫ ▲ ▨ ◘ 9 F F ◪ ▨ ◁ ◁ * − ⊠ F ⊗ ÷ 9 ▦ ▦ ◁ < O ◪ ⊠ 5 # ▦ ⊙ 9 ÷ ⊙ ▣ 9 ÷ ▣ O ⊙ > ÷ ▣ + O ⊡ ■ € O ▧ ⊠ ▨ Λ % ▦ € ▦ − #
▧ − ■ Λ € ⊡ > △ 5 ◁ ▣ − ◆ ◫ Λ O ▤ ◆ F Λ 5 F ◘ ⊠ ÷ ◪ ▣ ⊗ ⊙ − ÷ Λ 5 ▦ < € ▣ 5 + ◘ Λ € ◪ − + − ÷ < ▲ Λ ◆ ⊠ Λ ◫ ⊠ ▨ O ▲ ⊙ ▲
+ ◪ ◪ ⊗ * ◫ % # 5 △ ▧ ◘ ⊠ Y ▧ < < ⊠ ▤ $ ▨ ⊠ ◫ * Λ ▤ $ ▤ ▲ 9 ▧ F ▨ ÷ * + − ◁ 5 $ ▨ + ◁ ◁ ■ $ ⊗ ▨ ◪ ◆ Λ % Λ ▤ # ⊠ < ▨ ▤ >
< − ▣ $ ⊗ F ⊙ ◘ ▦ 9 > $ * − ⊠ ◪ ◫ ◫ Λ + ⊗ € ▦ − F ◘ ⊙ O 5 * ▤ ▨ △ ⊙ ▣ * − > △ Λ $ ▤ O ▨ ▧ ▣ * ⊙ ◁ ▣ ▣ ◫ ■ F Λ ▣ ▧ > > ◪
▧ ■ 5 O ⊗ ◪ ■ % ⊗ # Y $ 5 > % + ◫ Y O △ * ◆ ⊗ O △ ⊡ > ◁ 9 5 € ÷ Λ ÷ 9 ▦ 9 ÷ ◪ − ▧ 9 O ⊠ ÷ F F ⊡ ▲ F ⊡ ◪ ◪ ▨ 9 ⊙ $ $ * ■
− 5 ▦ 5 ◘ < ◁ 9 Λ ⊙ Λ ▧ ▲ > * 5 # 9 € Λ O ⊗ Y ◆ # ⊗ * ◫ ⊡ ◆ 9 ▨ ▲ O ▨ ■ ⊙ Λ < ■ € Λ ▧ O ▲ ▨ < ⊗ O △ € ▧ Y ◪ ◆ ÷ % ◪ ■ €
1	2	3	4	5	6
1	2	3	4	5	6
1
2
3
4
5
6
7
8
9
10
1
2
3
4
5
6
7
8
9
10
